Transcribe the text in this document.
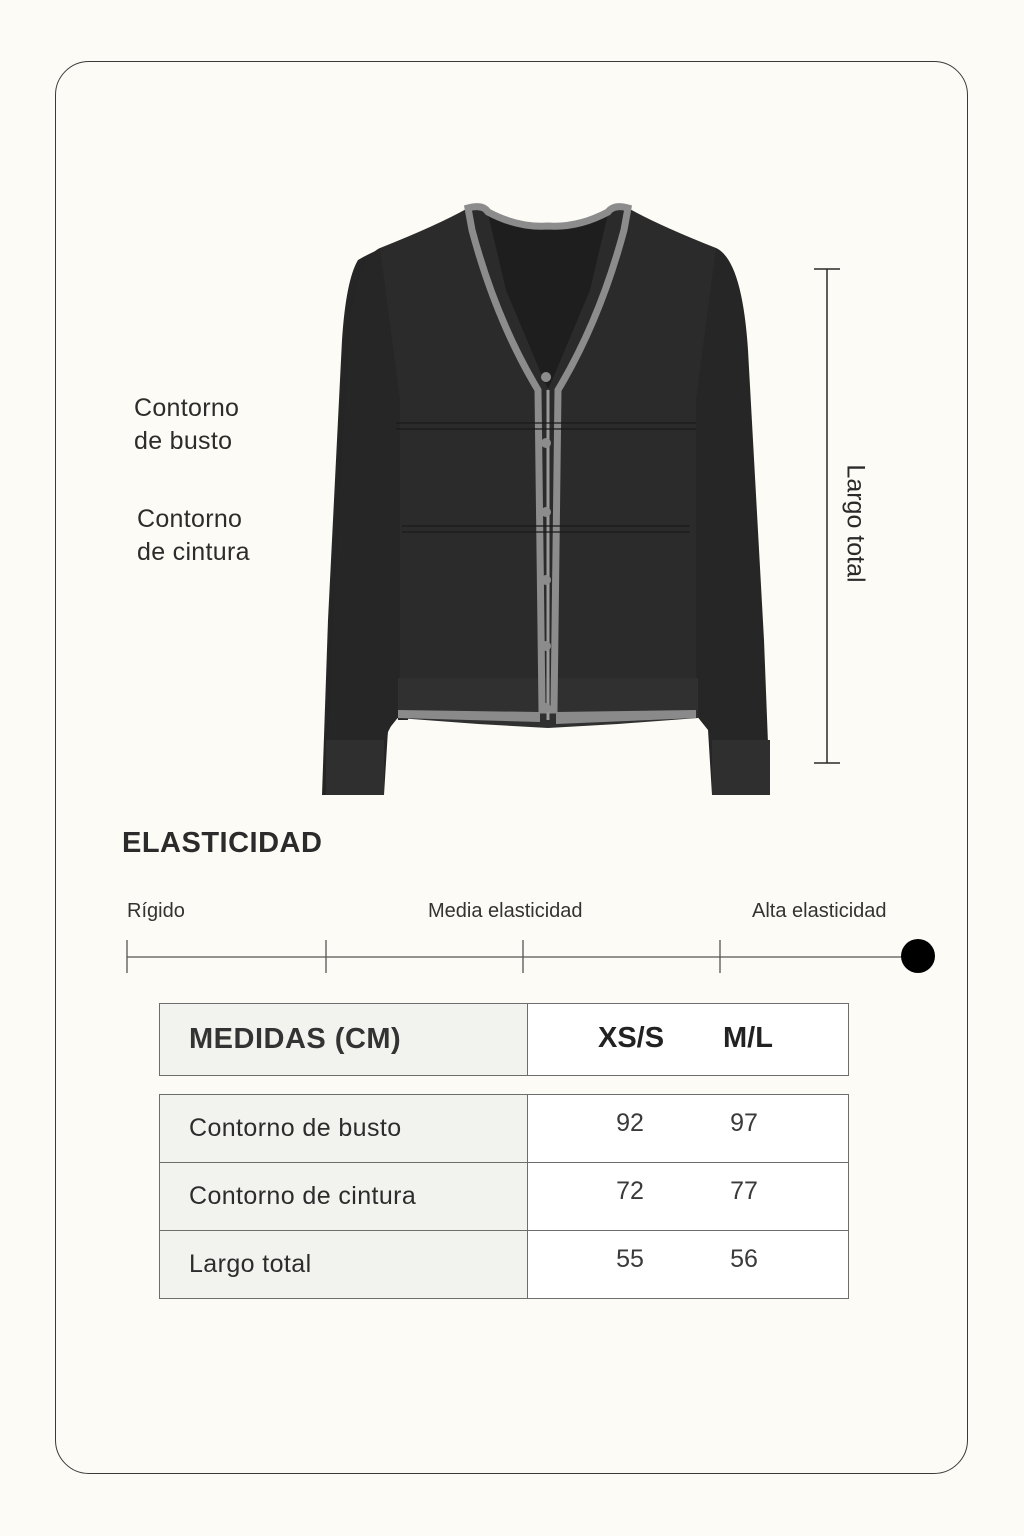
Contorno de busto
Contorno de cintura	Largo total
ELASTICIDAD
Rígido	Media elasticidad	Alta elasticidad
MEDIDAS (CM)	XS/S M/L
Contorno de busto	92 97

Contorno de cintura	72 77

Largo total	55 56
